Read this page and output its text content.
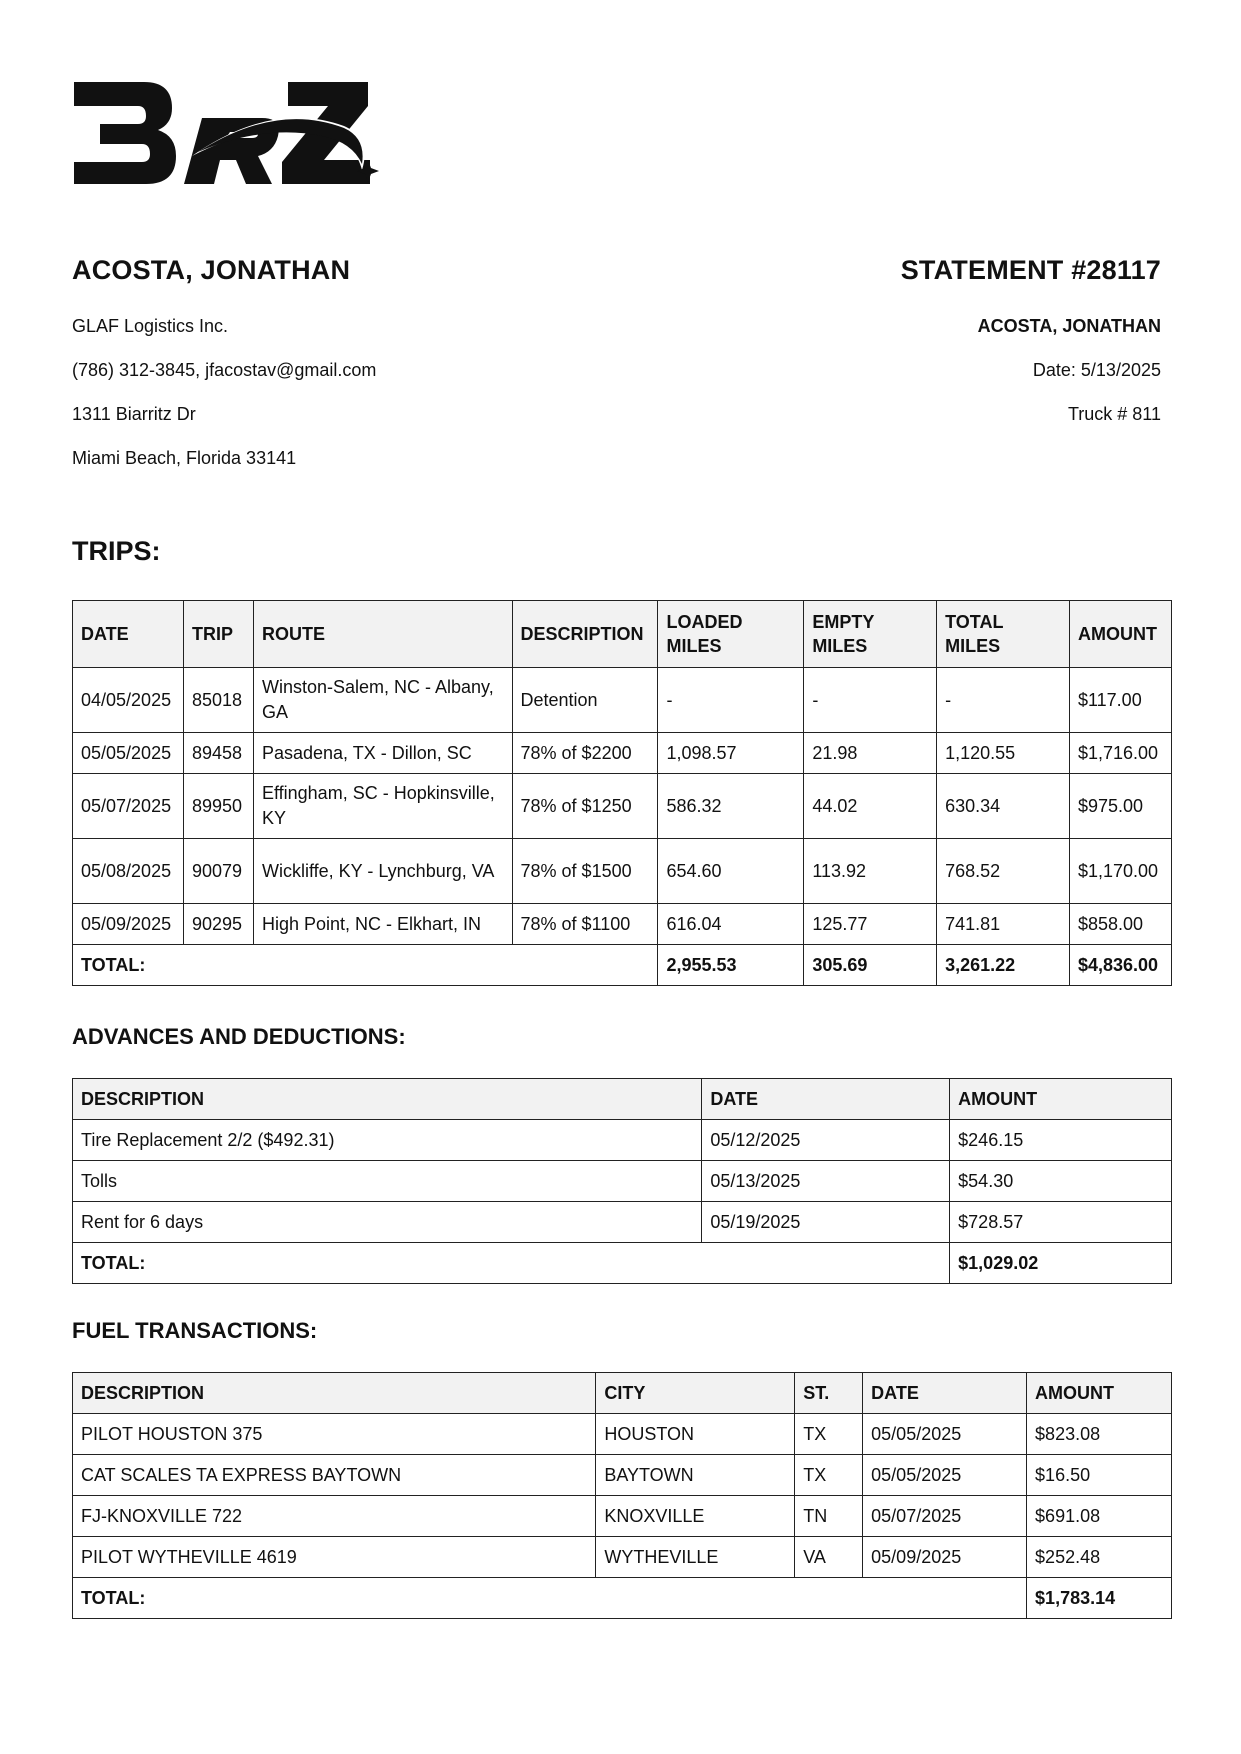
ACOSTA, JONATHAN	STATEMENT #28117
GLAF Logistics Inc.
(786) 312-3845, jfacostav@gmail.com
1311 Biarritz Dr
Miami Beach, Florida 33141
ACOSTA, JONATHAN
Date: 5/13/2025
Truck # 811
TRIPS:
DATE	TRIP	ROUTE	DESCRIPTION	LOADED MILES	EMPTY MILES	TOTAL MILES	AMOUNT
04/05/2025	85018	Winston-Salem, NC - Albany, GA	Detention	-	-	-	$117.00
05/05/2025	89458	Pasadena, TX - Dillon, SC	78% of $2200	1,098.57	21.98	1,120.55	$1,716.00
05/07/2025	89950	Effingham, SC - Hopkinsville, KY	78% of $1250	586.32	44.02	630.34	$975.00
05/08/2025	90079	Wickliffe, KY - Lynchburg, VA	78% of $1500	654.60	113.92	768.52	$1,170.00
05/09/2025	90295	High Point, NC - Elkhart, IN	78% of $1100	616.04	125.77	741.81	$858.00
TOTAL:				2,955.53	305.69	3,261.22	$4,836.00
ADVANCES AND DEDUCTIONS:
DESCRIPTION	DATE	AMOUNT
Tire Replacement 2/2 ($492.31)	05/12/2025	$246.15
Tolls	05/13/2025	$54.30
Rent for 6 days	05/19/2025	$728.57
TOTAL:		$1,029.02
FUEL TRANSACTIONS:
DESCRIPTION	CITY	ST.	DATE	AMOUNT
PILOT HOUSTON 375	HOUSTON	TX	05/05/2025	$823.08
CAT SCALES TA EXPRESS BAYTOWN	BAYTOWN	TX	05/05/2025	$16.50
FJ-KNOXVILLE 722	KNOXVILLE	TN	05/07/2025	$691.08
PILOT WYTHEVILLE 4619	WYTHEVILLE	VA	05/09/2025	$252.48
TOTAL:				$1,783.14
